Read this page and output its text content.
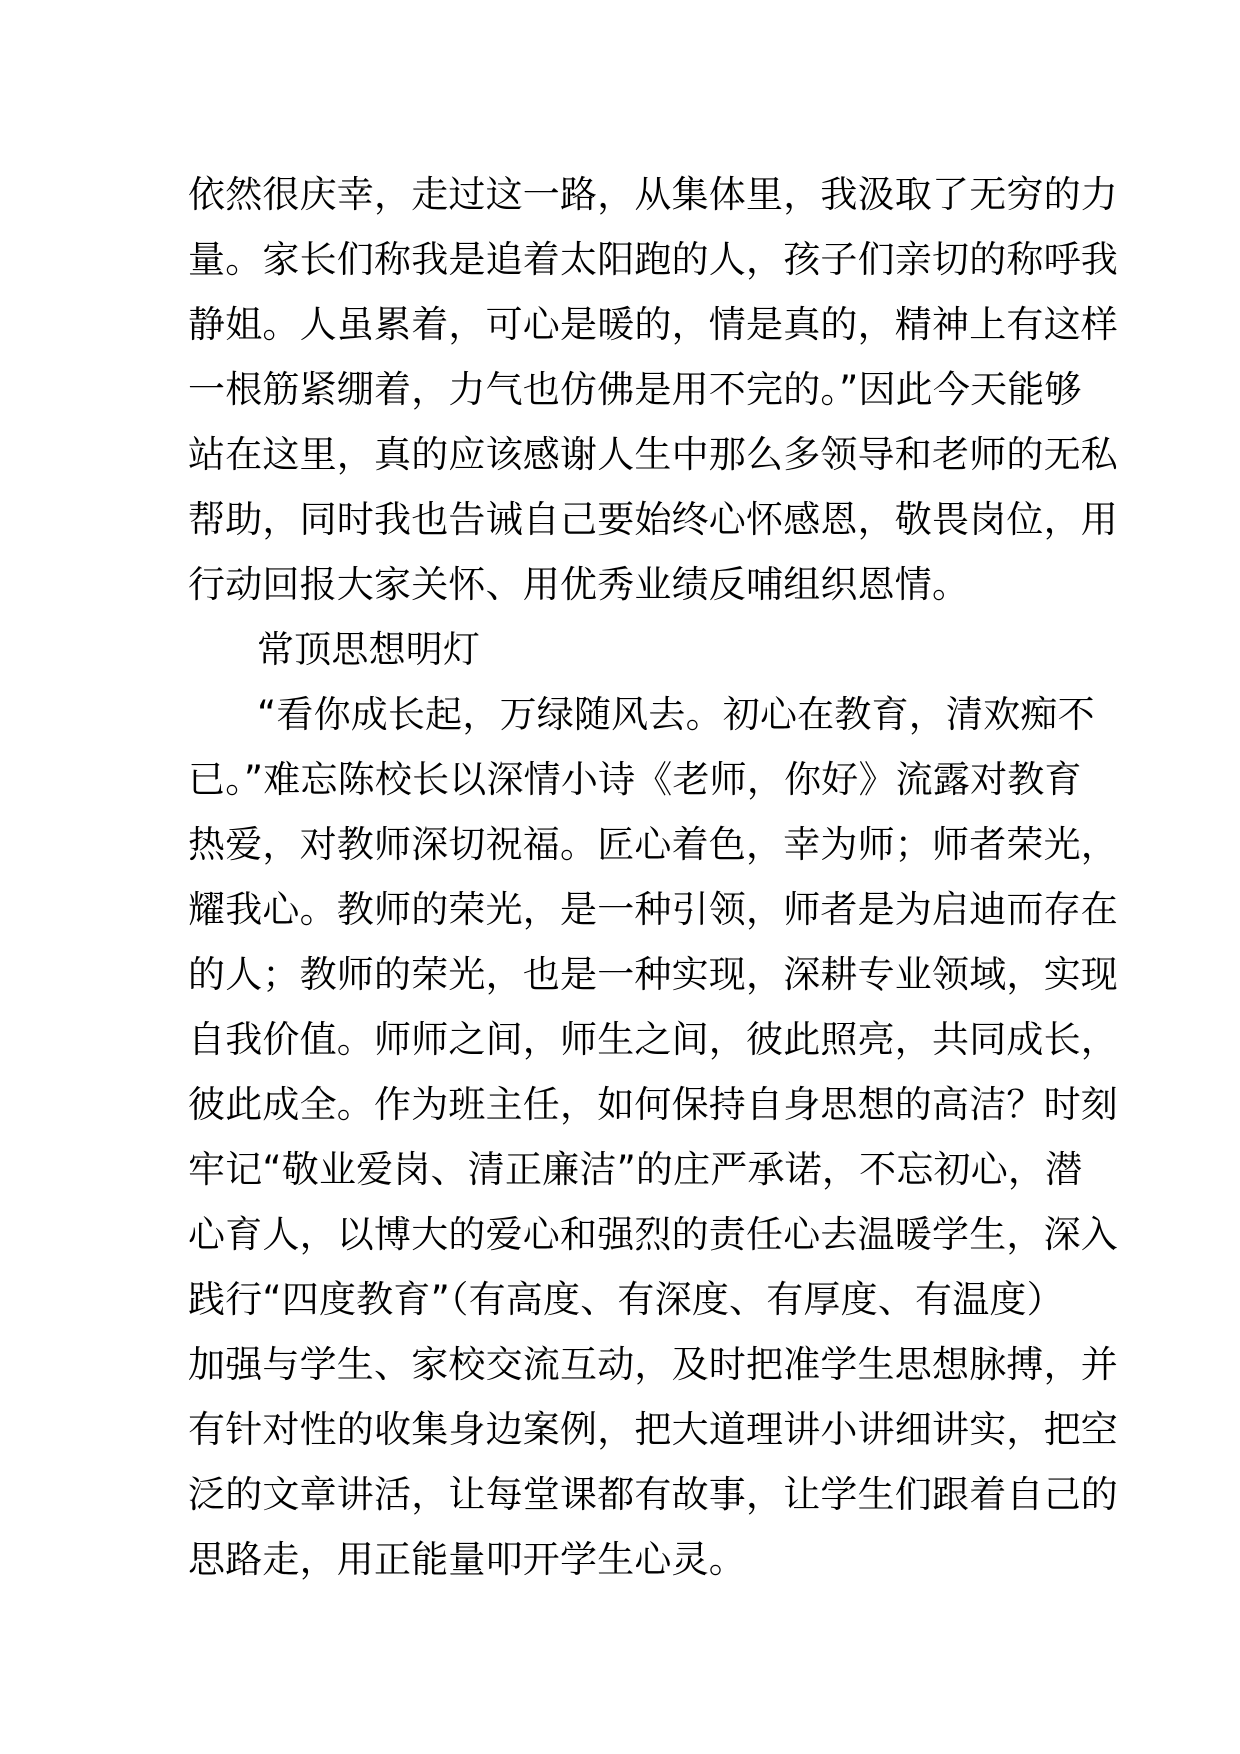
依然很庆幸，走过这一路，从集体里，我汲取了无穷的力
量。家长们称我是追着太阳跑的人，孩子们亲切的称呼我
静姐。人虽累着，可心是暖的，情是真的，精神上有这样
一根筋紧绷着，力气也仿佛是用不完的。”因此今天能够
站在这里，真的应该感谢人生中那么多领导和老师的无私
帮助，同时我也告诫自己要始终心怀感恩，敬畏岗位，用
行动回报大家关怀、用优秀业绩反哺组织恩情。
常顶思想明灯
“看你成长起，万绿随风去。初心在教育，清欢痴不
已。”难忘陈校长以深情小诗《老师，你好》流露对教育
热爱，对教师深切祝福。匠心着色，幸为师；师者荣光，
耀我心。教师的荣光，是一种引领，师者是为启迪而存在
的人；教师的荣光，也是一种实现，深耕专业领域，实现
自我价值。师师之间，师生之间，彼此照亮，共同成长，
彼此成全。作为班主任，如何保持自身思想的高洁？时刻
牢记“敬业爱岗、清正廉洁”的庄严承诺，不忘初心，潜
心育人，以博大的爱心和强烈的责任心去温暖学生，深入
践行“四度教育”（有高度、有深度、有厚度、有温度）
加强与学生、家校交流互动，及时把准学生思想脉搏，并
有针对性的收集身边案例，把大道理讲小讲细讲实，把空
泛的文章讲活，让每堂课都有故事，让学生们跟着自己的
思路走，用正能量叩开学生心灵。
